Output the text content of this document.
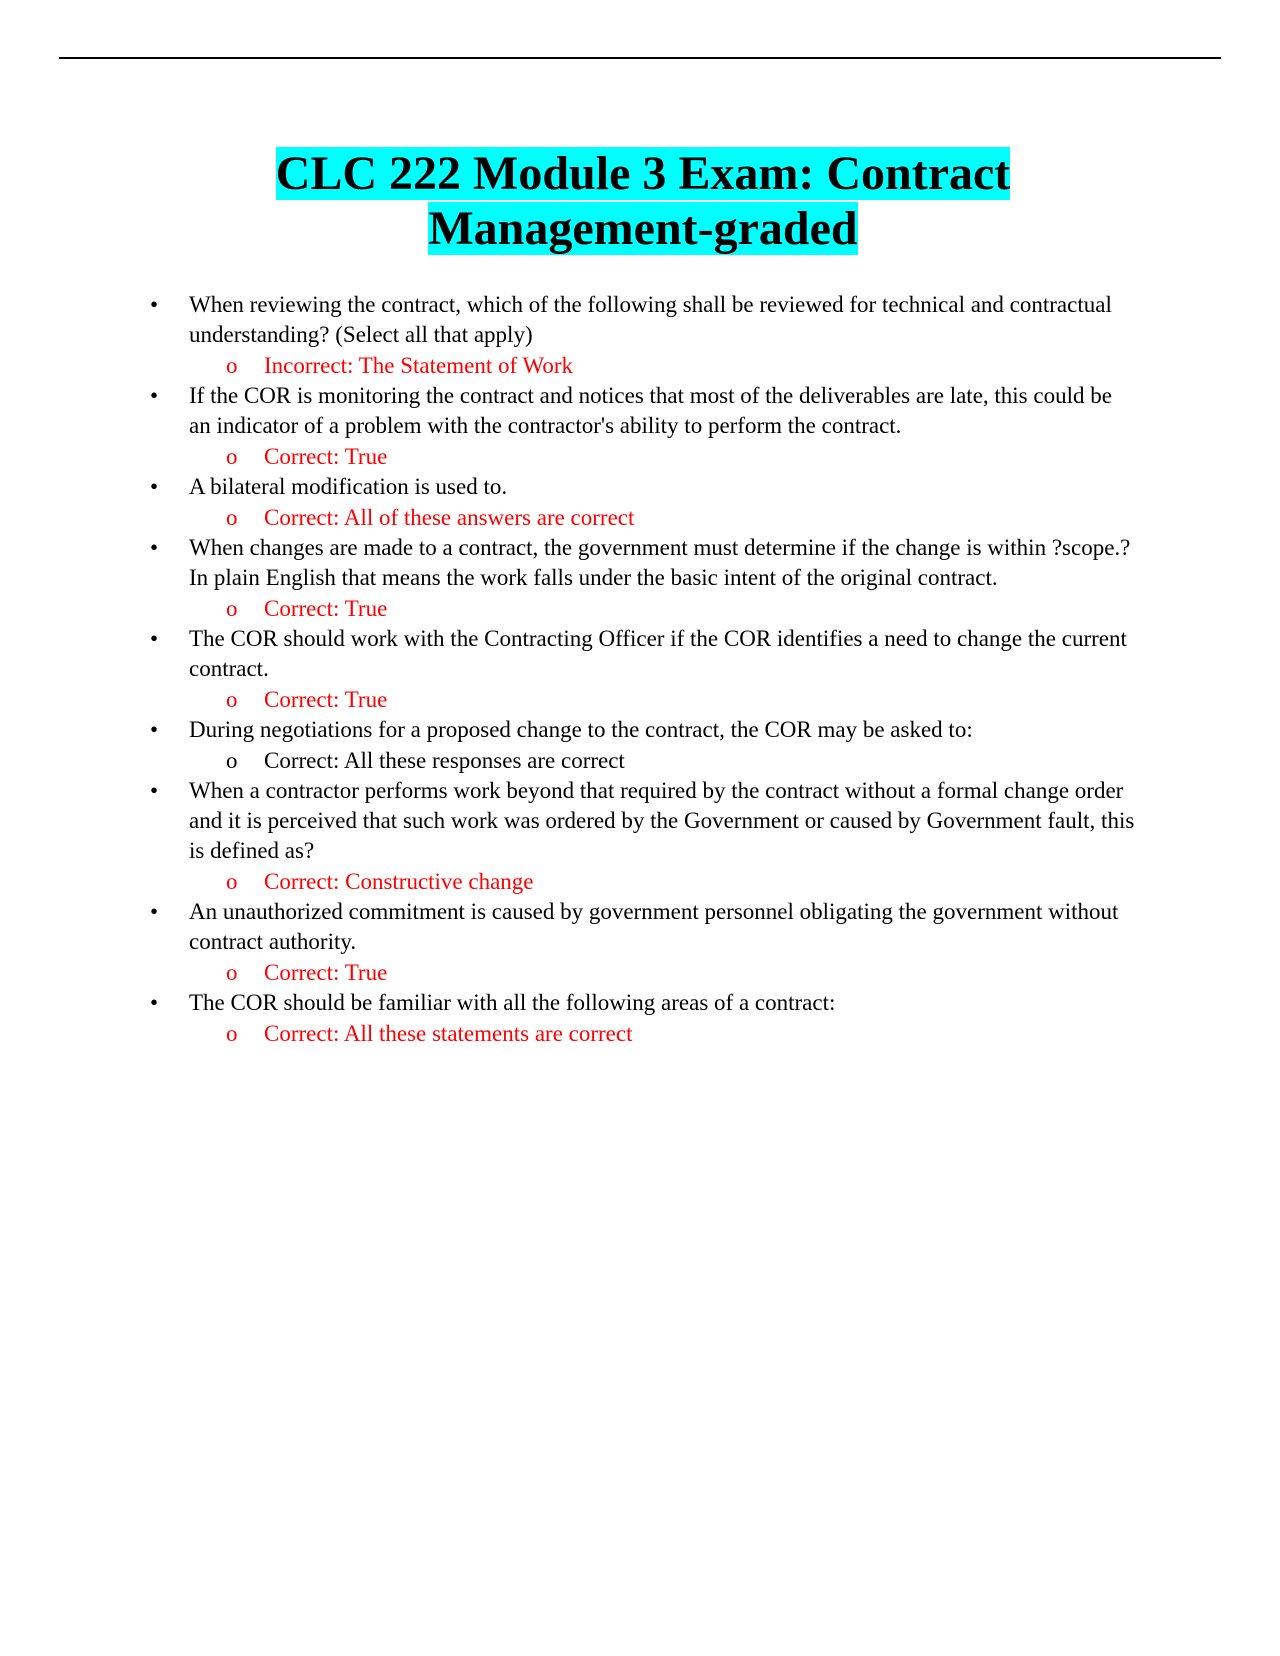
CLC 222 Module 3 Exam: Contract
Management-graded
•	When reviewing the contract, which of the following shall be reviewed for technical and contractual understanding? (Select all that apply)
o	Incorrect: The Statement of Work
•	If the COR is monitoring the contract and notices that most of the deliverables are late, this could be an indicator of a problem with the contractor's ability to perform the contract.
o	Correct: True
•	A bilateral modification is used to.
o	Correct: All of these answers are correct
•	When changes are made to a contract, the government must determine if the change is within ?scope.? In plain English that means the work falls under the basic intent of the original contract.
o	Correct: True
•	The COR should work with the Contracting Officer if the COR identifies a need to change the current contract.
o	Correct: True
•	During negotiations for a proposed change to the contract, the COR may be asked to:
o	Correct: All these responses are correct
•	When a contractor performs work beyond that required by the contract without a formal change order and it is perceived that such work was ordered by the Government or caused by Government fault, this is defined as?
o	Correct: Constructive change
•	An unauthorized commitment is caused by government personnel obligating the government without contract authority.
o	Correct: True
•	The COR should be familiar with all the following areas of a contract:
o	Correct: All these statements are correct
